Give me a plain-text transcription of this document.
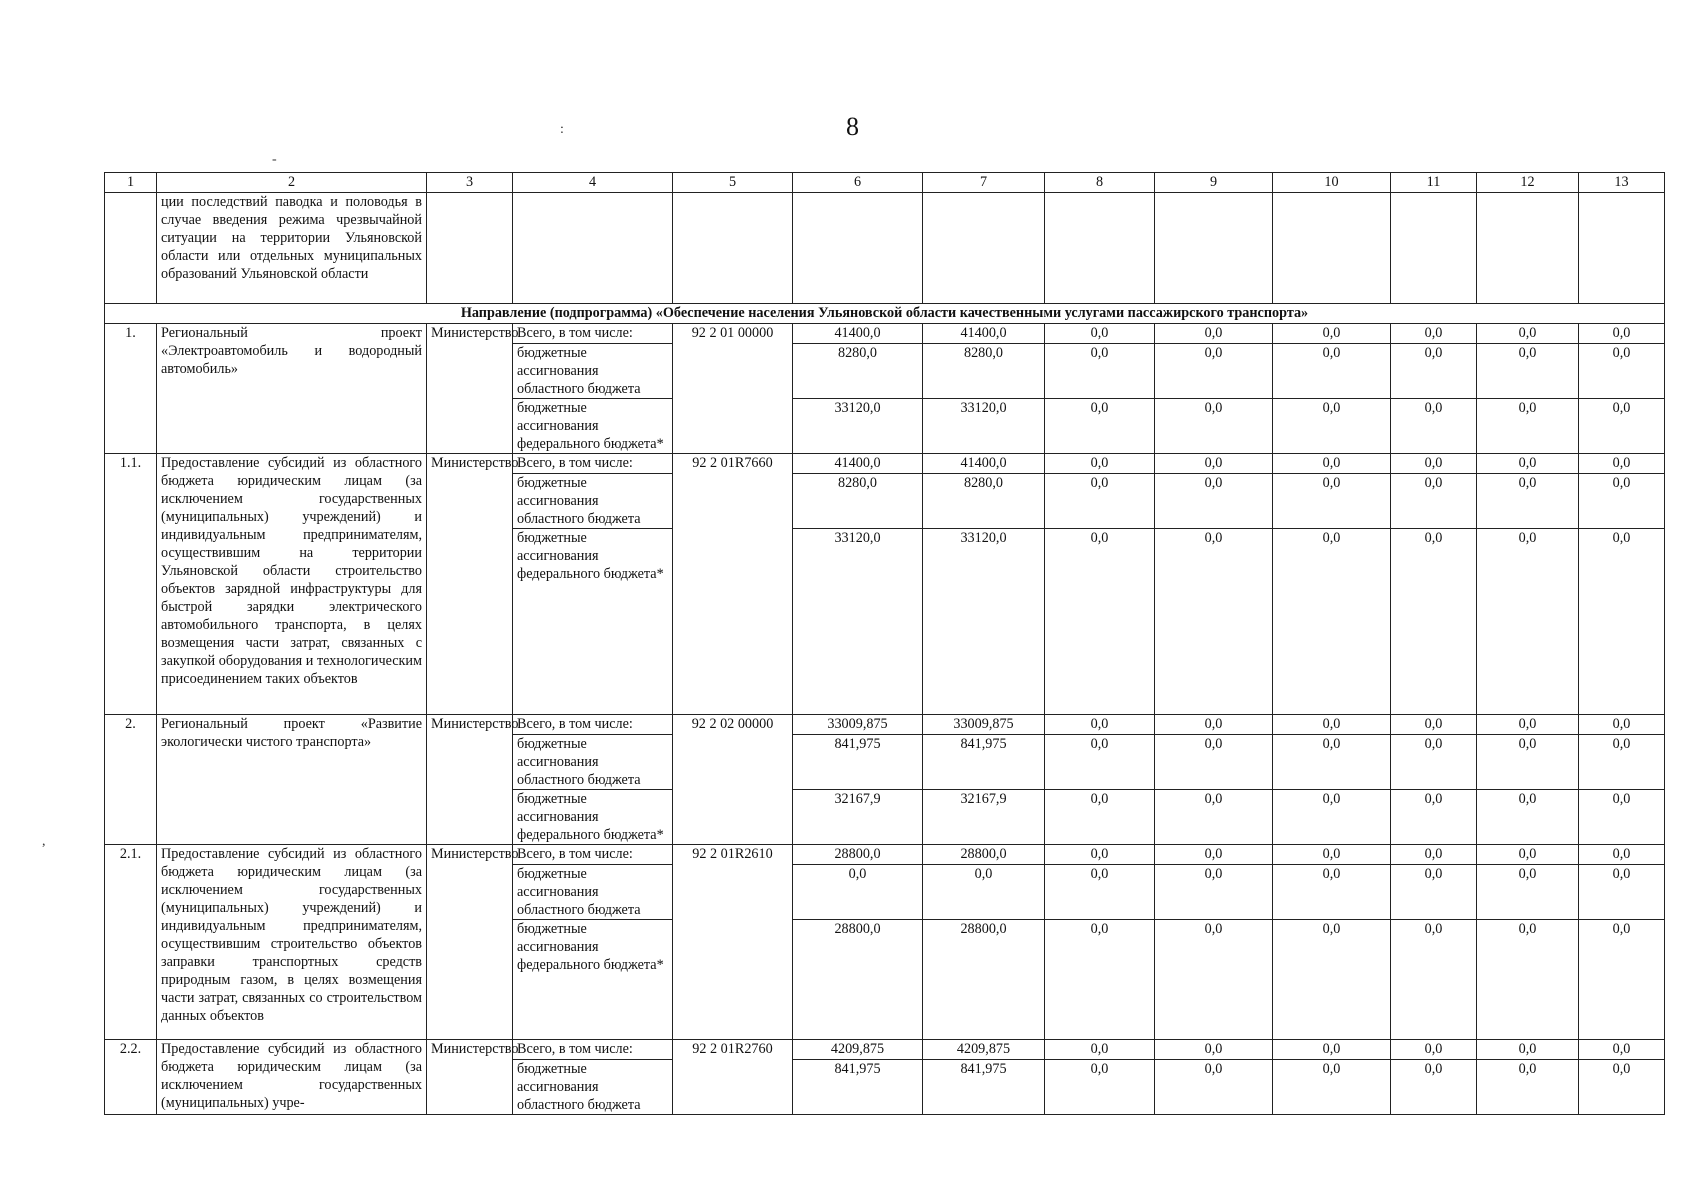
8
:
-
,
1	2	3	4	5	6	7	8	9	10	11	12	13
	ции последствий паводка и половодья в случае введения режима чрезвычайной ситуации на территории Ульяновской области или отдельных муниципальных образований Ульяновской области											
Направление (подпрограмма) «Обеспечение населения Ульяновской области качественными услугами пассажирского транспорта»												
1.	Региональный проект «Электроавтомобиль и водородный автомобиль»	Министерство	Всего, в том числе:	92 2 01 00000	41400,0	41400,0	0,0	0,0	0,0	0,0	0,0	0,0
			бюджетные ассигнования областного бюджета		8280,0	8280,0	0,0	0,0	0,0	0,0	0,0	0,0
			бюджетные ассигнования федерального бюджета*		33120,0	33120,0	0,0	0,0	0,0	0,0	0,0	0,0
1.1.	Предоставление субсидий из областного бюджета юридическим лицам (за исключением государственных (муниципальных) учреждений) и индивидуальным предпринимателям, осуществившим на территории Ульяновской области строительство объектов зарядной инфраструктуры для быстрой зарядки электрического автомобильного транспорта, в целях возмещения части затрат, связанных с закупкой оборудования и технологическим присоединением таких объектов	Министерство	Всего, в том числе:	92 2 01R7660	41400,0	41400,0	0,0	0,0	0,0	0,0	0,0	0,0
			бюджетные ассигнования областного бюджета		8280,0	8280,0	0,0	0,0	0,0	0,0	0,0	0,0
			бюджетные ассигнования федерального бюджета*		33120,0	33120,0	0,0	0,0	0,0	0,0	0,0	0,0
2.	Региональный проект «Развитие экологически чистого транспорта»	Министерство	Всего, в том числе:	92 2 02 00000	33009,875	33009,875	0,0	0,0	0,0	0,0	0,0	0,0
			бюджетные ассигнования областного бюджета		841,975	841,975	0,0	0,0	0,0	0,0	0,0	0,0
			бюджетные ассигнования федерального бюджета*		32167,9	32167,9	0,0	0,0	0,0	0,0	0,0	0,0
2.1.	Предоставление субсидий из областного бюджета юридическим лицам (за исключением государственных (муниципальных) учреждений) и индивидуальным предпринимателям, осуществившим строительство объектов заправки транспортных средств природным газом, в целях возмещения части затрат, связанных со строительством данных объектов	Министерство	Всего, в том числе:	92 2 01R2610	28800,0	28800,0	0,0	0,0	0,0	0,0	0,0	0,0
			бюджетные ассигнования областного бюджета		0,0	0,0	0,0	0,0	0,0	0,0	0,0	0,0
			бюджетные ассигнования федерального бюджета*		28800,0	28800,0	0,0	0,0	0,0	0,0	0,0	0,0
2.2.	Предоставление субсидий из областного бюджета юридическим лицам (за исключением государственных (муниципальных) учре-	Министерство	Всего, в том числе:	92 2 01R2760	4209,875	4209,875	0,0	0,0	0,0	0,0	0,0	0,0
			бюджетные ассигнования областного бюджета		841,975	841,975	0,0	0,0	0,0	0,0	0,0	0,0
